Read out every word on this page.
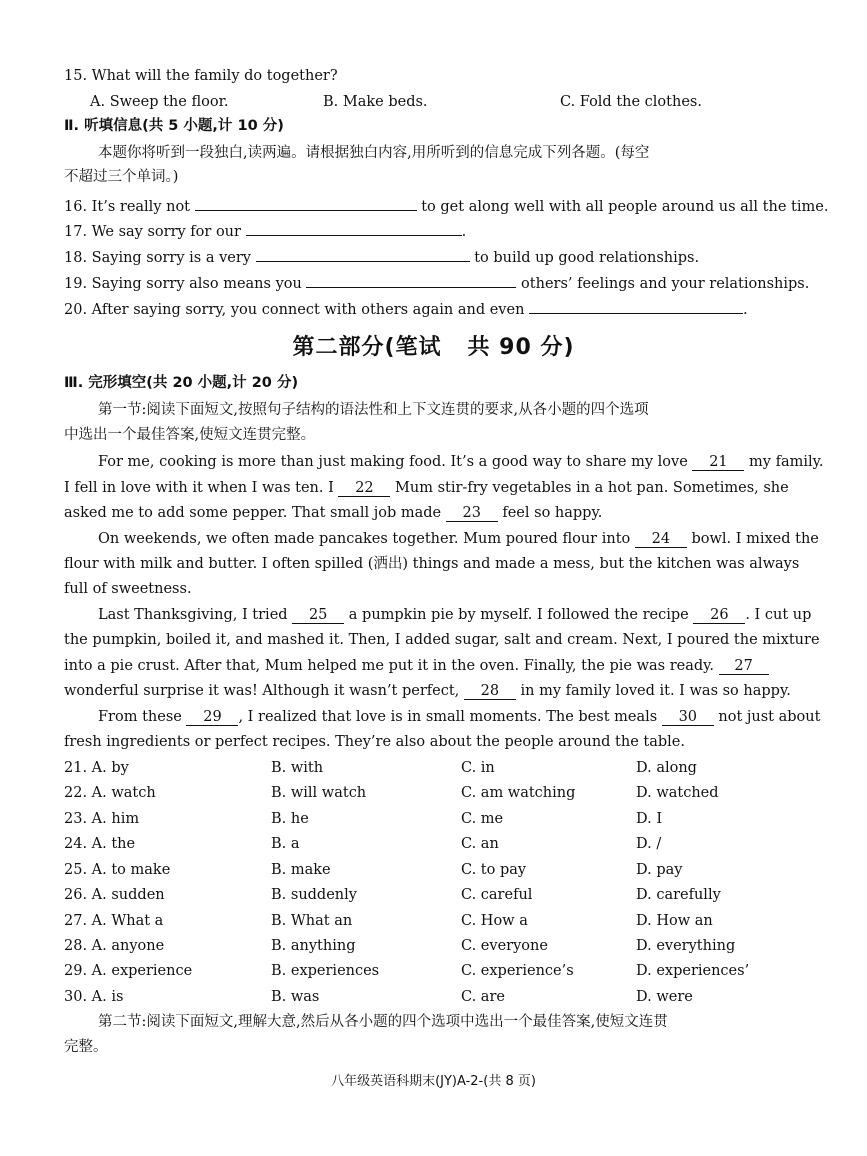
15. What will the family do together?
A. Sweep the floor.	B. Make beds.	C. Fold the clothes.
Ⅱ. 听填信息(共 5 小题,计 10 分)
本题你将听到一段独白,读两遍。请根据独白内容,用所听到的信息完成下列各题。(每空
不超过三个单词。)
16. It’s really not	to get along well with all people around us all the time.
17. We say sorry for our	.
18. Saying sorry is a very	to build up good relationships.
19. Saying sorry also means you	others’ feelings and your relationships.
20. After saying sorry, you connect with others again and even	.
第二部分(笔试   共 90 分)
Ⅲ. 完形填空(共 20 小题,计 20 分)
第一节:阅读下面短文,按照句子结构的语法性和上下文连贯的要求,从各小题的四个选项
中选出一个最佳答案,使短文连贯完整。
For me, cooking is more than just making food. It’s a good way to share my love 21 my family.
I fell in love with it when I was ten. I 22 Mum stir-fry vegetables in a hot pan. Sometimes, she
asked me to add some pepper. That small job made 23 feel so happy.
On weekends, we often made pancakes together. Mum poured flour into 24 bowl. I mixed the
flour with milk and butter. I often spilled (洒出) things and made a mess, but the kitchen was always
full of sweetness.
Last Thanksgiving, I tried 25 a pumpkin pie by myself. I followed the recipe 26 . I cut up
the pumpkin, boiled it, and mashed it. Then, I added sugar, salt and cream. Next, I poured the mixture
into a pie crust. After that, Mum helped me put it in the oven. Finally, the pie was ready. 27
wonderful surprise it was! Although it wasn’t perfect, 28 in my family loved it. I was so happy.
From these 29 , I realized that love is in small moments. The best meals 30 not just about
fresh ingredients or perfect recipes. They’re also about the people around the table.
21. A. by	B. with	C. in	D. along
22. A. watch	B. will watch	C. am watching	D. watched
23. A. him	B. he	C. me	D. I
24. A. the	B. a	C. an	D. /
25. A. to make	B. make	C. to pay	D. pay
26. A. sudden	B. suddenly	C. careful	D. carefully
27. A. What a	B. What an	C. How a	D. How an
28. A. anyone	B. anything	C. everyone	D. everything
29. A. experience	B. experiences	C. experience’s	D. experiences’
30. A. is	B. was	C. are	D. were
第二节:阅读下面短文,理解大意,然后从各小题的四个选项中选出一个最佳答案,使短文连贯
完整。
八年级英语科期末(JY)A-2-(共 8 页)
